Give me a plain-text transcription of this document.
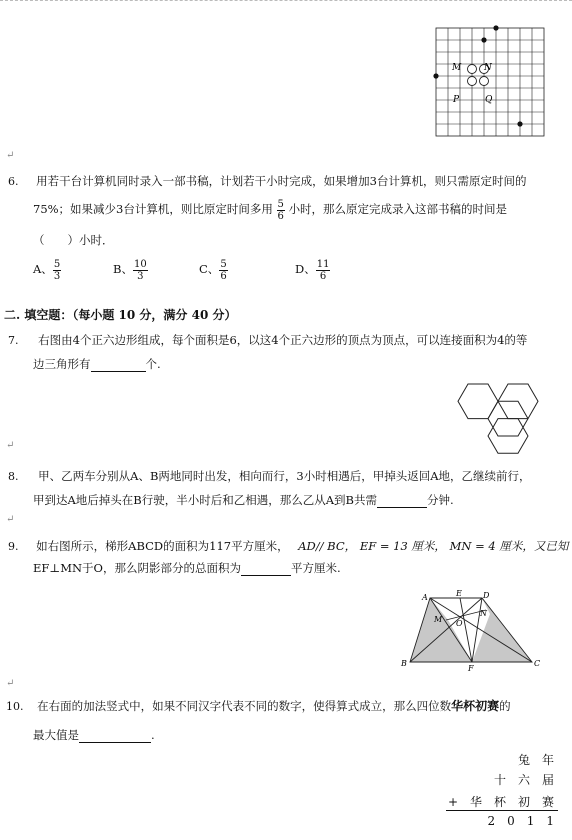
M	N
P	Q
↵
6. 用若干台计算机同时录入一部书稿，计划若干小时完成，如果增加3台计算机，则只需原定时间的
75%；如果减少3台计算机，则比原定时间多用 $\frac{5}{6}$ 小时，那么原定完成录入这部书稿的时间是
（　　）小时．
A、 $\frac{5}{3}$	B、 $\frac{10}{3}$	C、 $\frac{5}{6}$	D、 $\frac{11}{6}$
二. 填空题：（每小题 10 分，满分 40 分）
7. 右图由4个正六边形组成，每个面积是6，以这4个正六边形的顶点为顶点，可以连接面积为4的等
边三角形有	个.
↵
8. 甲、乙两车分别从A、B两地同时出发，相向而行，3小时相遇后，甲掉头返回A地，乙继续前行，
甲到达A地后掉头在B行驶，半小时后和乙相遇，那么乙从A到B共需	分钟.
↵
9. 如右图所示，梯形ABCD的面积为117平方厘米， AD// BC， EF = 13 厘米， MN = 4 厘米，又已知
EF⊥MN于O，那么阴影部分的总面积为	平方厘米.
A	E	D
M O
N
B
F
C
↵
10. 在右面的加法竖式中，如果不同汉字代表不同的数字，使得算式成立，那么四位数华杯初赛的
最大值是	.
兔　年
十　六　届
+　华　杯　初　赛
2　0　1　1
